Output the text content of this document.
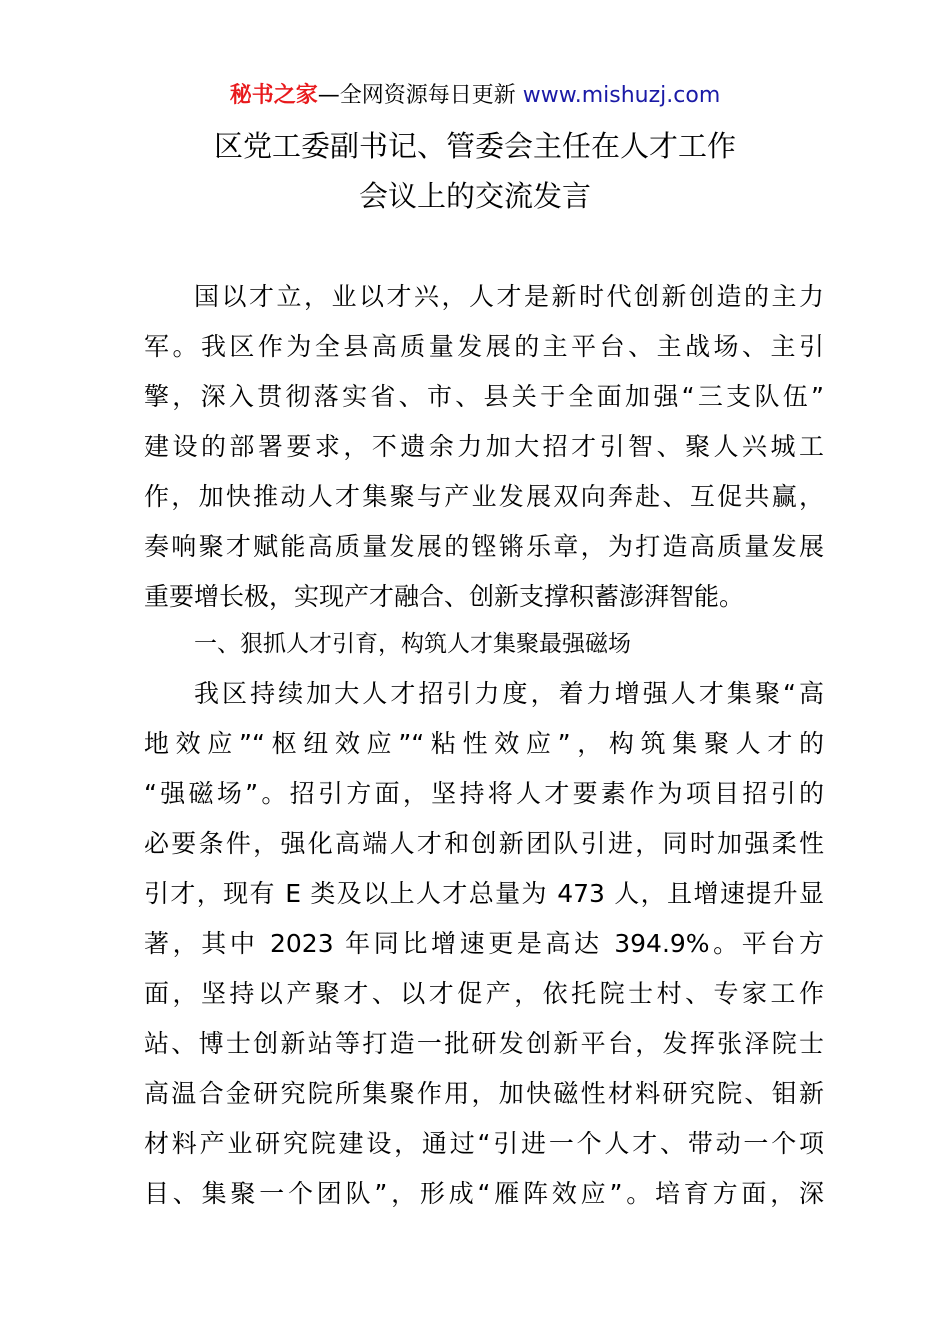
秘书之家—全网资源每日更新 www.mishuzj.com
区党工委副书记、管委会主任在人才工作
会议上的交流发言
国以才立，业以才兴，人才是新时代创新创造的主力
军。我区作为全县高质量发展的主平台、主战场、主引
擎，深入贯彻落实省、市、县关于全面加强“三支队伍”
建设的部署要求，不遗余力加大招才引智、聚人兴城工
作，加快推动人才集聚与产业发展双向奔赴、互促共赢，
奏响聚才赋能高质量发展的铿锵乐章，为打造高质量发展
重要增长极，实现产才融合、创新支撑积蓄澎湃智能。
一、狠抓人才引育，构筑人才集聚最强磁场
我区持续加大人才招引力度，着力增强人才集聚“高
地效应”“枢纽效应”“粘性效应”，构筑集聚人才的
“强磁场”。招引方面，坚持将人才要素作为项目招引的
必要条件，强化高端人才和创新团队引进，同时加强柔性
引才，现有 E 类及以上人才总量为 473 人，且增速提升显
著，其中 2023 年同比增速更是高达 394.9%。平台方
面，坚持以产聚才、以才促产，依托院士村、专家工作
站、博士创新站等打造一批研发创新平台，发挥张泽院士
高温合金研究院所集聚作用，加快磁性材料研究院、钼新
材料产业研究院建设，通过“引进一个人才、带动一个项
目、集聚一个团队”，形成“雁阵效应”。培育方面，深
